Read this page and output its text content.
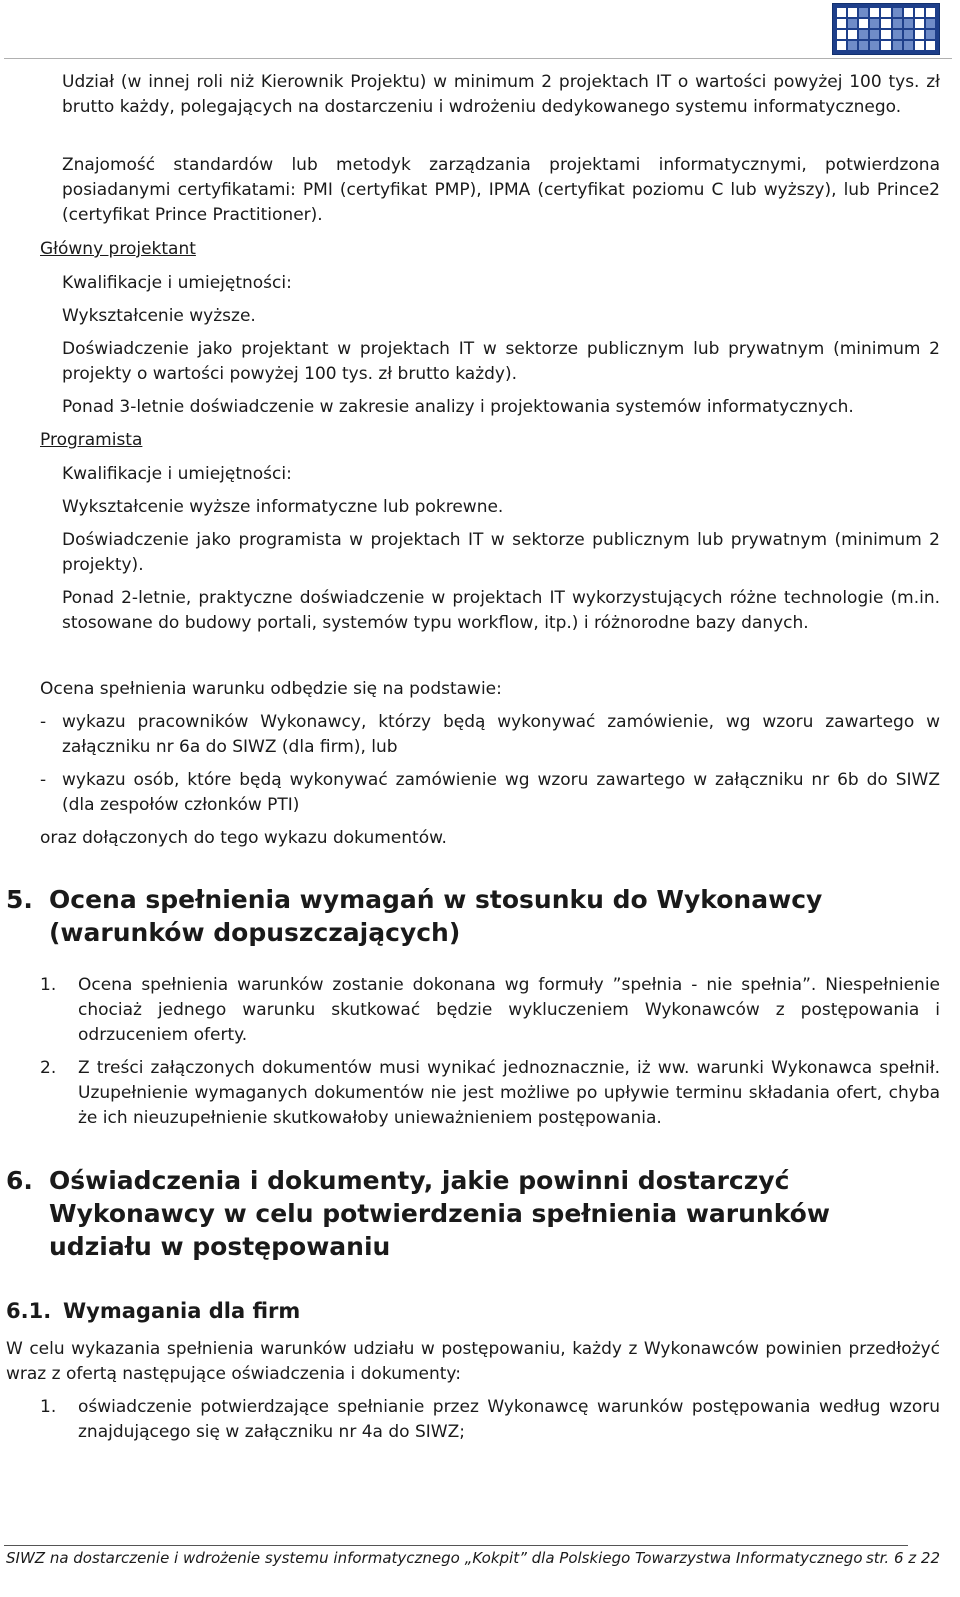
Udział (w innej roli niż Kierownik Projektu) w minimum 2 projektach IT o wartości powyżej 100 tys. zł brutto każdy, polegających na dostarczeniu i wdrożeniu dedykowanego systemu informatycznego.

Znajomość standardów lub metodyk zarządzania projektami informatycznymi, potwierdzona posiadanymi certyfikatami: PMI (certyfikat PMP), IPMA (certyfikat poziomu C lub wyższy), lub Prince2 (certyfikat Prince Practitioner).

Główny projektant

Kwalifikacje i umiejętności:

Wykształcenie wyższe.

Doświadczenie jako projektant w projektach IT w sektorze publicznym lub prywatnym (minimum 2 projekty o wartości powyżej 100 tys. zł brutto każdy).

Ponad 3-letnie doświadczenie w zakresie analizy i projektowania systemów informatycznych.

Programista

Kwalifikacje i umiejętności:

Wykształcenie wyższe informatyczne lub pokrewne.

Doświadczenie jako programista w projektach IT w sektorze publicznym lub prywatnym (minimum 2 projekty).

Ponad 2-letnie, praktyczne doświadczenie w projektach IT wykorzystujących różne technologie (m.in. stosowane do budowy portali, systemów typu workflow, itp.) i różnorodne bazy danych.

Ocena spełnienia warunku odbędzie się na podstawie:

- wykazu pracowników Wykonawcy, którzy będą wykonywać zamówienie, wg wzoru zawartego w załączniku nr 6a do SIWZ (dla firm), lub
- wykazu osób, które będą wykonywać zamówienie wg wzoru zawartego w załączniku nr 6b do SIWZ (dla zespołów członków PTI)

oraz dołączonych do tego wykazu dokumentów.

5. Ocena spełnienia wymagań w stosunku do Wykonawcy (warunków dopuszczających)
1. Ocena spełnienia warunków zostanie dokonana wg formuły ”spełnia - nie spełnia”. Niespełnienie chociaż jednego warunku skutkować będzie wykluczeniem Wykonawców z postępowania i odrzuceniem oferty.
2. Z treści załączonych dokumentów musi wynikać jednoznacznie, iż ww. warunki Wykonawca spełnił. Uzupełnienie wymaganych dokumentów nie jest możliwe po upływie terminu składania ofert, chyba że ich nieuzupełnienie skutkowałoby unieważnieniem postępowania.
6. Oświadczenia i dokumenty, jakie powinni dostarczyć Wykonawcy w celu potwierdzenia spełnienia warunków udziału w postępowaniu
6.1. Wymagania dla firm

W celu wykazania spełnienia warunków udziału w postępowaniu, każdy z Wykonawców powinien przedłożyć wraz z ofertą następujące oświadczenia i dokumenty:

1. oświadczenie potwierdzające spełnianie przez Wykonawcę warunków postępowania według wzoru znajdującego się w załączniku nr 4a do SIWZ;
SIWZ na dostarczenie i wdrożenie systemu informatycznego „Kokpit” dla Polskiego Towarzystwa Informatycznego str. 6 z 22
